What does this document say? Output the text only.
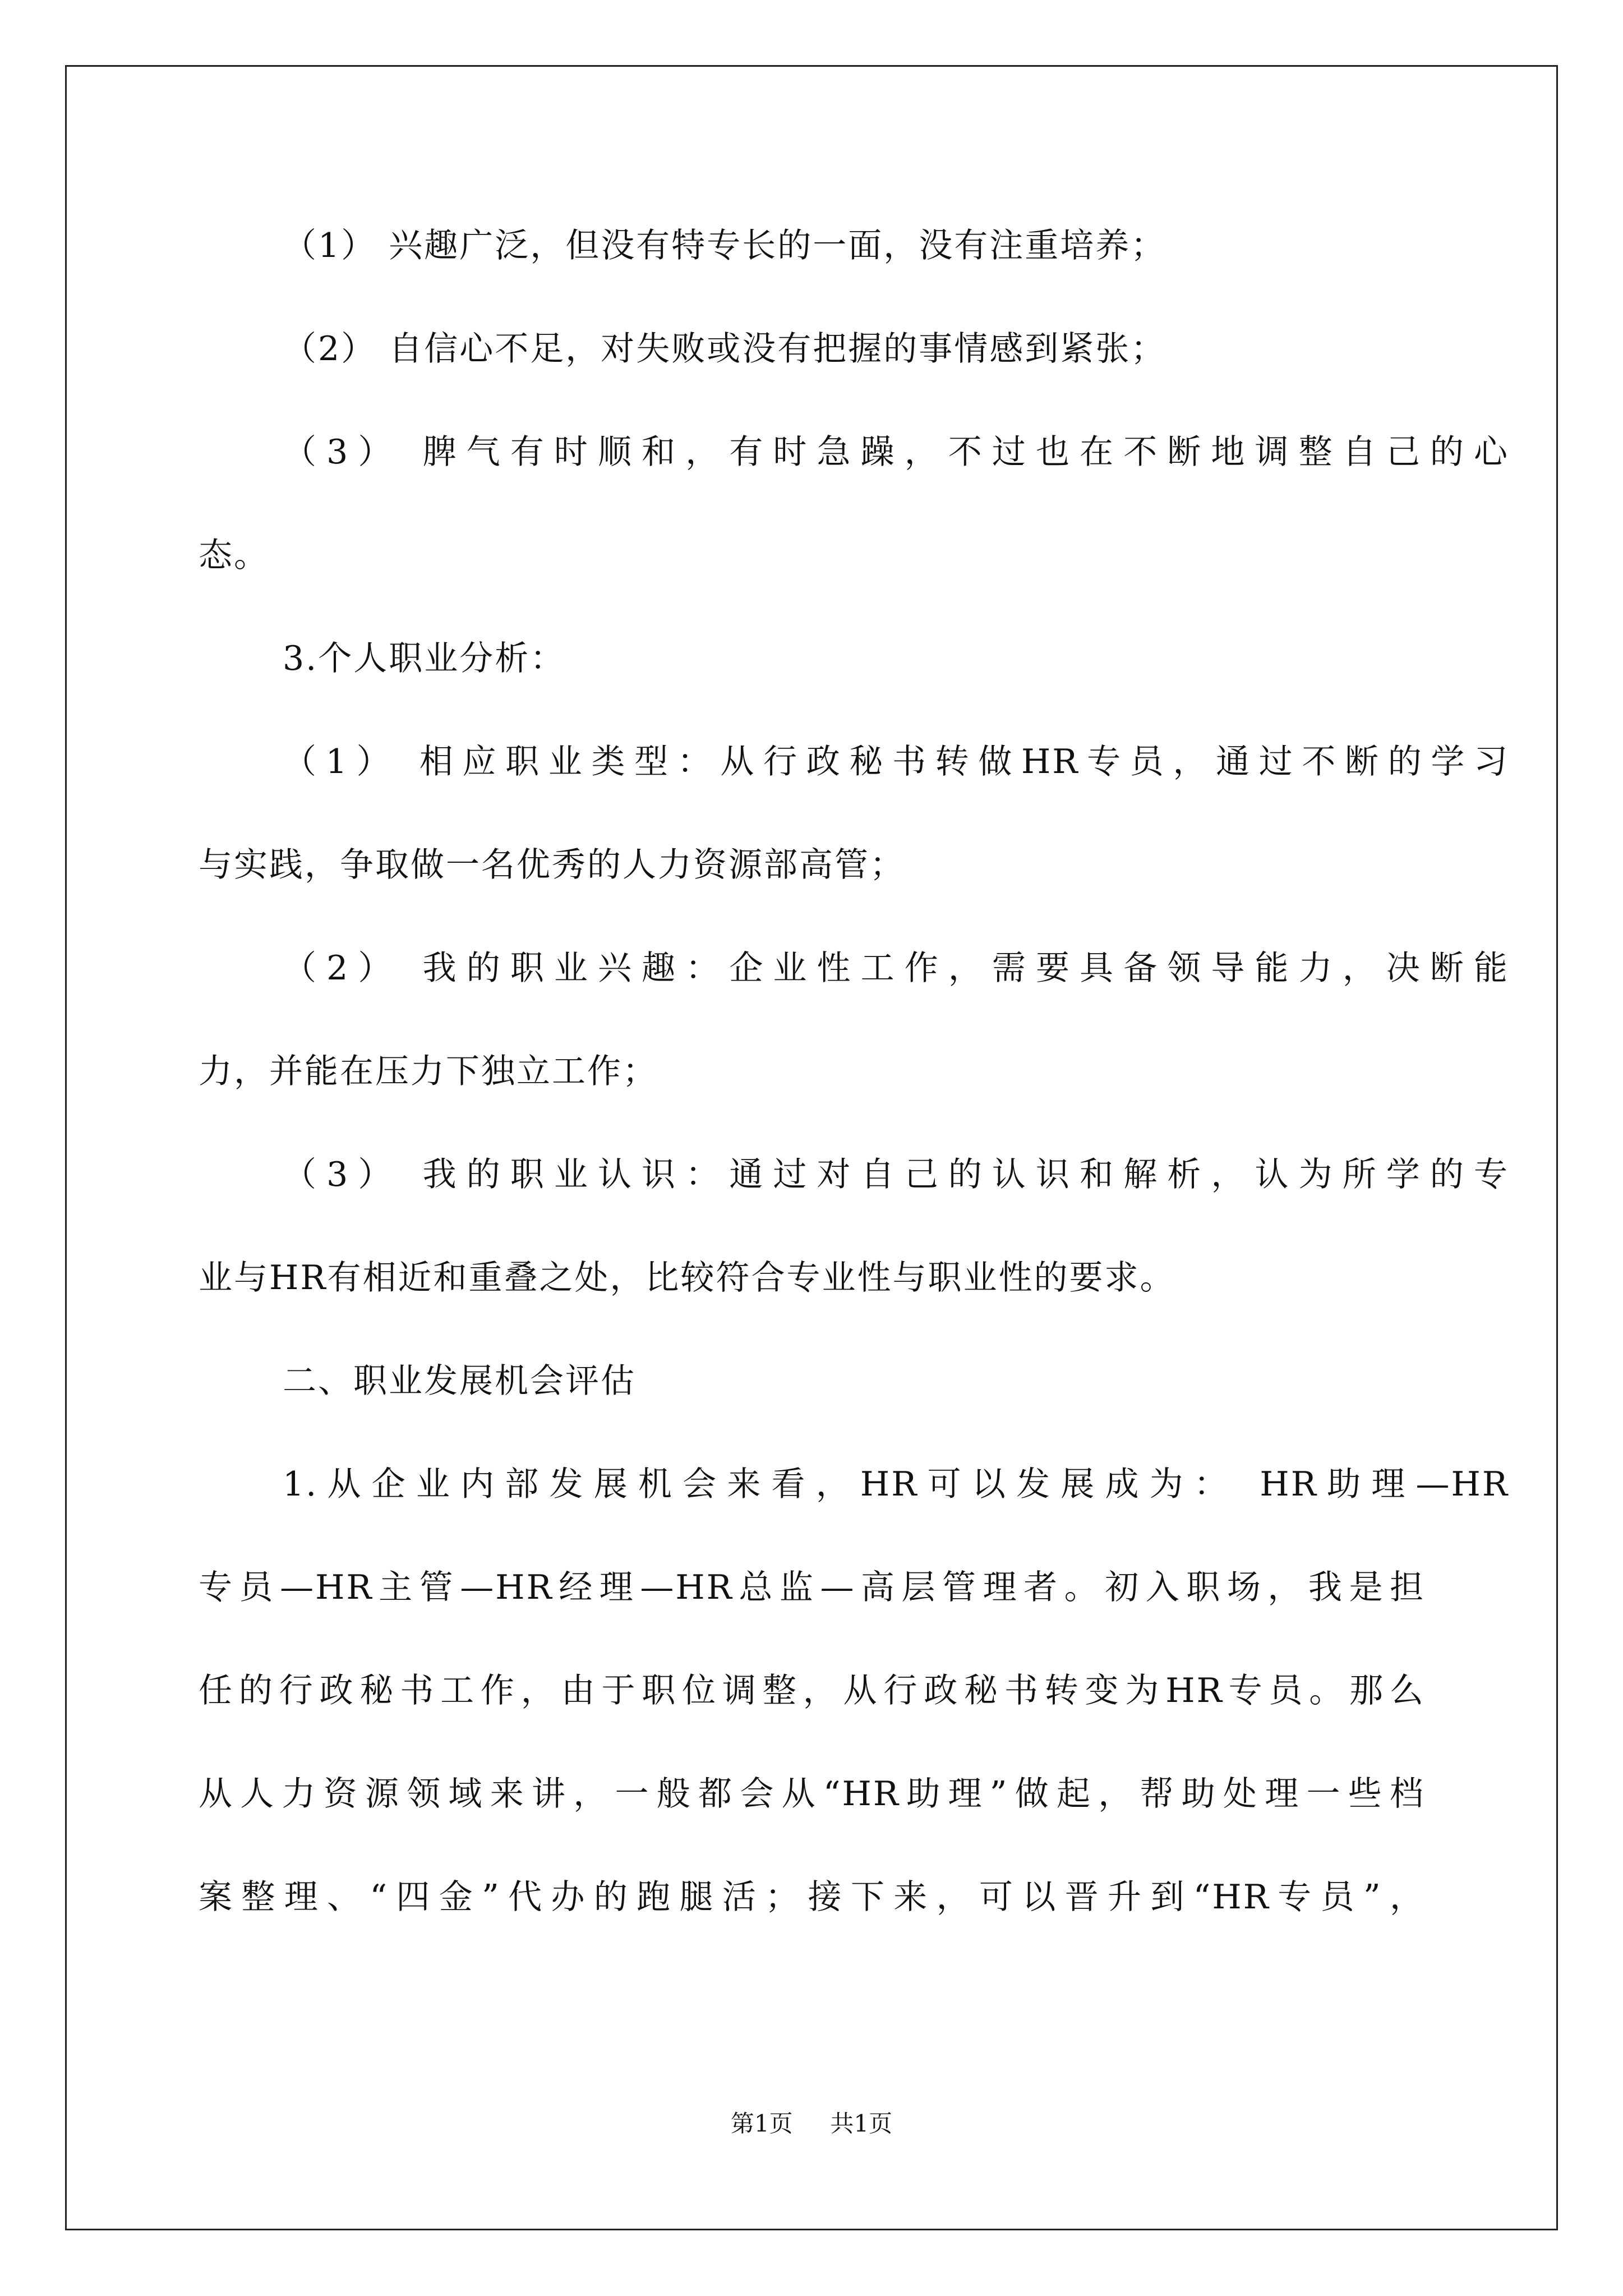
（1） 兴趣广泛，但没有特专长的一面，没有注重培养；
（2） 自信心不足，对失败或没有把握的事情感到紧张；
（3） 脾气有时顺和，有时急躁，不过也在不断地调整自己的心
态。
3.个人职业分析：
（1） 相应职业类型：从行政秘书转做HR专员，通过不断的学习
与实践，争取做一名优秀的人力资源部高管；
（2） 我的职业兴趣：企业性工作，需要具备领导能力，决断能
力，并能在压力下独立工作；
（3） 我的职业认识：通过对自己的认识和解析，认为所学的专
业与HR有相近和重叠之处，比较符合专业性与职业性的要求。
二、职业发展机会评估
1.从企业内部发展机会来看，HR可以发展成为： HR助理—HR
专员—HR主管—HR经理—HR总监—高层管理者。初入职场，我是担
任的行政秘书工作，由于职位调整，从行政秘书转变为HR专员。那么
从人力资源领域来讲，一般都会从“HR助理”做起，帮助处理一些档
案整理、“四金”代办的跑腿活；接下来，可以晋升到“HR专员”，
第1页 共1页
